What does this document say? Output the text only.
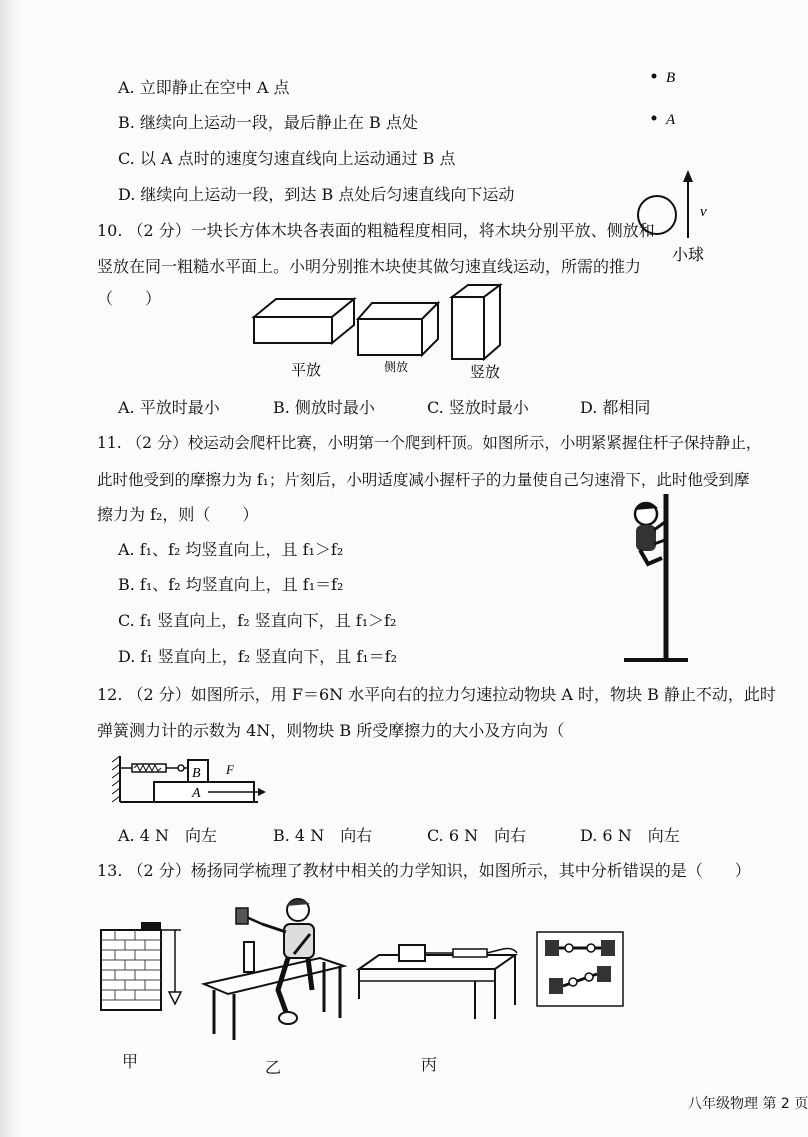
A. 立即静止在空中 A 点
B. 继续向上运动一段，最后静止在 B 点处
C. 以 A 点时的速度匀速直线向上运动通过 B 点
D. 继续向上运动一段，到达 B 点处后匀速直线向下运动
B
A
v
小球
10. （2 分）一块长方体木块各表面的粗糙程度相同，将木块分别平放、侧放和
竖放在同一粗糙水平面上。小明分别推木块使其做匀速直线运动，所需的推力
（　　）
平放	侧放	竖放
A. 平放时最小	B. 侧放时最小	C. 竖放时最小	D. 都相同
11. （2 分）校运动会爬杆比赛，小明第一个爬到杆顶。如图所示，小明紧紧握住杆子保持静止，
此时他受到的摩擦力为 f₁；片刻后，小明适度减小握杆子的力量使自己匀速滑下，此时他受到摩
擦力为 f₂，则（　　）
A. f₁、f₂ 均竖直向上，且 f₁＞f₂
B. f₁、f₂ 均竖直向上，且 f₁＝f₂
C. f₁ 竖直向上，f₂ 竖直向下，且 f₁＞f₂
D. f₁ 竖直向上，f₂ 竖直向下，且 f₁＝f₂
12. （2 分）如图所示，用 F＝6N 水平向右的拉力匀速拉动物块 A 时，物块 B 静止不动，此时
弹簧测力计的示数为 4N，则物块 B 所受摩擦力的大小及方向为（
B
A
F
A. 4 N　向左	B. 4 N　向右	C. 6 N　向右	D. 6 N　向左
13. （2 分）杨扬同学梳理了教材中相关的力学知识，如图所示，其中分析错误的是（　　）
甲	乙	丙
八年级物理 第 2 页
